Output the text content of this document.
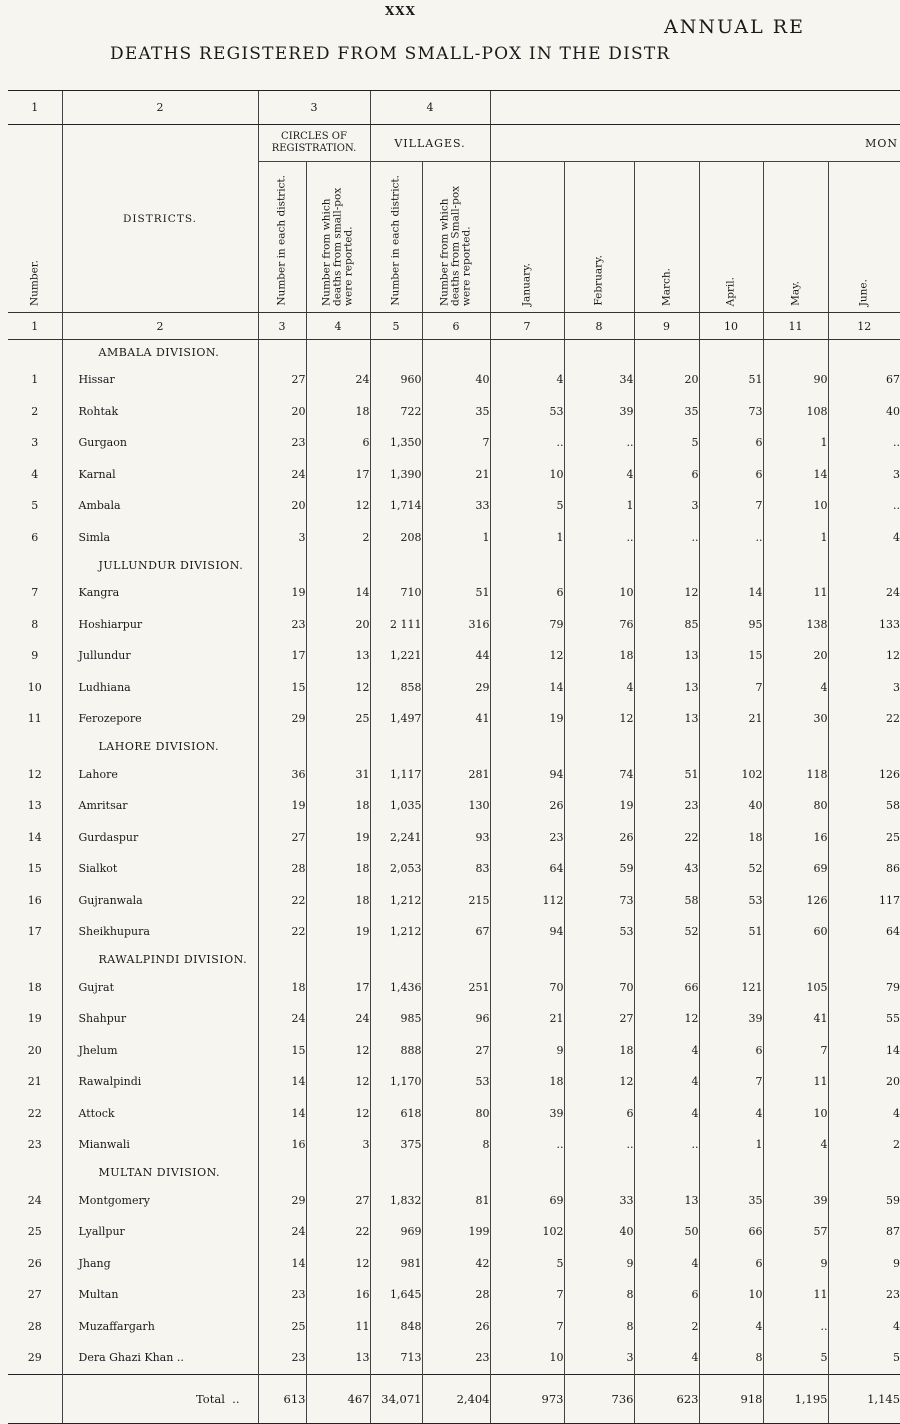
XXX
ANNUAL RE
DEATHS REGISTERED FROM SMALL-POX IN THE DISTR
1	2	3		4							

Number.	DISTRICTS.	CIRCLES OF REGISTRATION.		VILLAGES.		MON					

		Number in each district.	Number from which deaths from small-pox were reported.	Number in each district.	Number from which deaths from Small-pox were reported.	January.	February.	March.	April.	May.	June.

1	2	3	4	5	6	7	8	9	10	11	12
	AMBALA DIVISION.										
1	Hissar	27	24	960	40	4	34	20	51	90	67
2	Rohtak	20	18	722	35	53	39	35	73	108	40
3	Gurgaon	23	6	1,350	7	..	..	5	6	1	..
4	Karnal	24	17	1,390	21	10	4	6	6	14	3
5	Ambala	20	12	1,714	33	5	1	3	7	10	..
6	Simla	3	2	208	1	1	..	..	..	1	4
	JULLUNDUR DIVISION.										
7	Kangra	19	14	710	51	6	10	12	14	11	24
8	Hoshiarpur	23	20	2 111	316	79	76	85	95	138	133
9	Jullundur	17	13	1,221	44	12	18	13	15	20	12
10	Ludhiana	15	12	858	29	14	4	13	7	4	3
11	Ferozepore	29	25	1,497	41	19	12	13	21	30	22
	LAHORE DIVISION.										
12	Lahore	36	31	1,117	281	94	74	51	102	118	126
13	Amritsar	19	18	1,035	130	26	19	23	40	80	58
14	Gurdaspur	27	19	2,241	93	23	26	22	18	16	25
15	Sialkot	28	18	2,053	83	64	59	43	52	69	86
16	Gujranwala	22	18	1,212	215	112	73	58	53	126	117
17	Sheikhupura	22	19	1,212	67	94	53	52	51	60	64
	RAWALPINDI DIVISION.										
18	Gujrat	18	17	1,436	251	70	70	66	121	105	79
19	Shahpur	24	24	985	96	21	27	12	39	41	55
20	Jhelum	15	12	888	27	9	18	4	6	7	14
21	Rawalpindi	14	12	1,170	53	18	12	4	7	11	20
22	Attock	14	12	618	80	39	6	4	4	10	4
23	Mianwali	16	3	375	8	..	..	..	1	4	2
	MULTAN DIVISION.										
24	Montgomery	29	27	1,832	81	69	33	13	35	39	59
25	Lyallpur	24	22	969	199	102	40	50	66	57	87
26	Jhang	14	12	981	42	5	9	4	6	9	9
27	Multan	23	16	1,645	28	7	8	6	10	11	23
28	Muzaffargarh	25	11	848	26	7	8	2	4	..	4
29	Dera Ghazi Khan ..	23	13	713	23	10	3	4	8	5	5
	Total  ..	613	467	34,071	2,404	973	736	623	918	1,195	1,145
